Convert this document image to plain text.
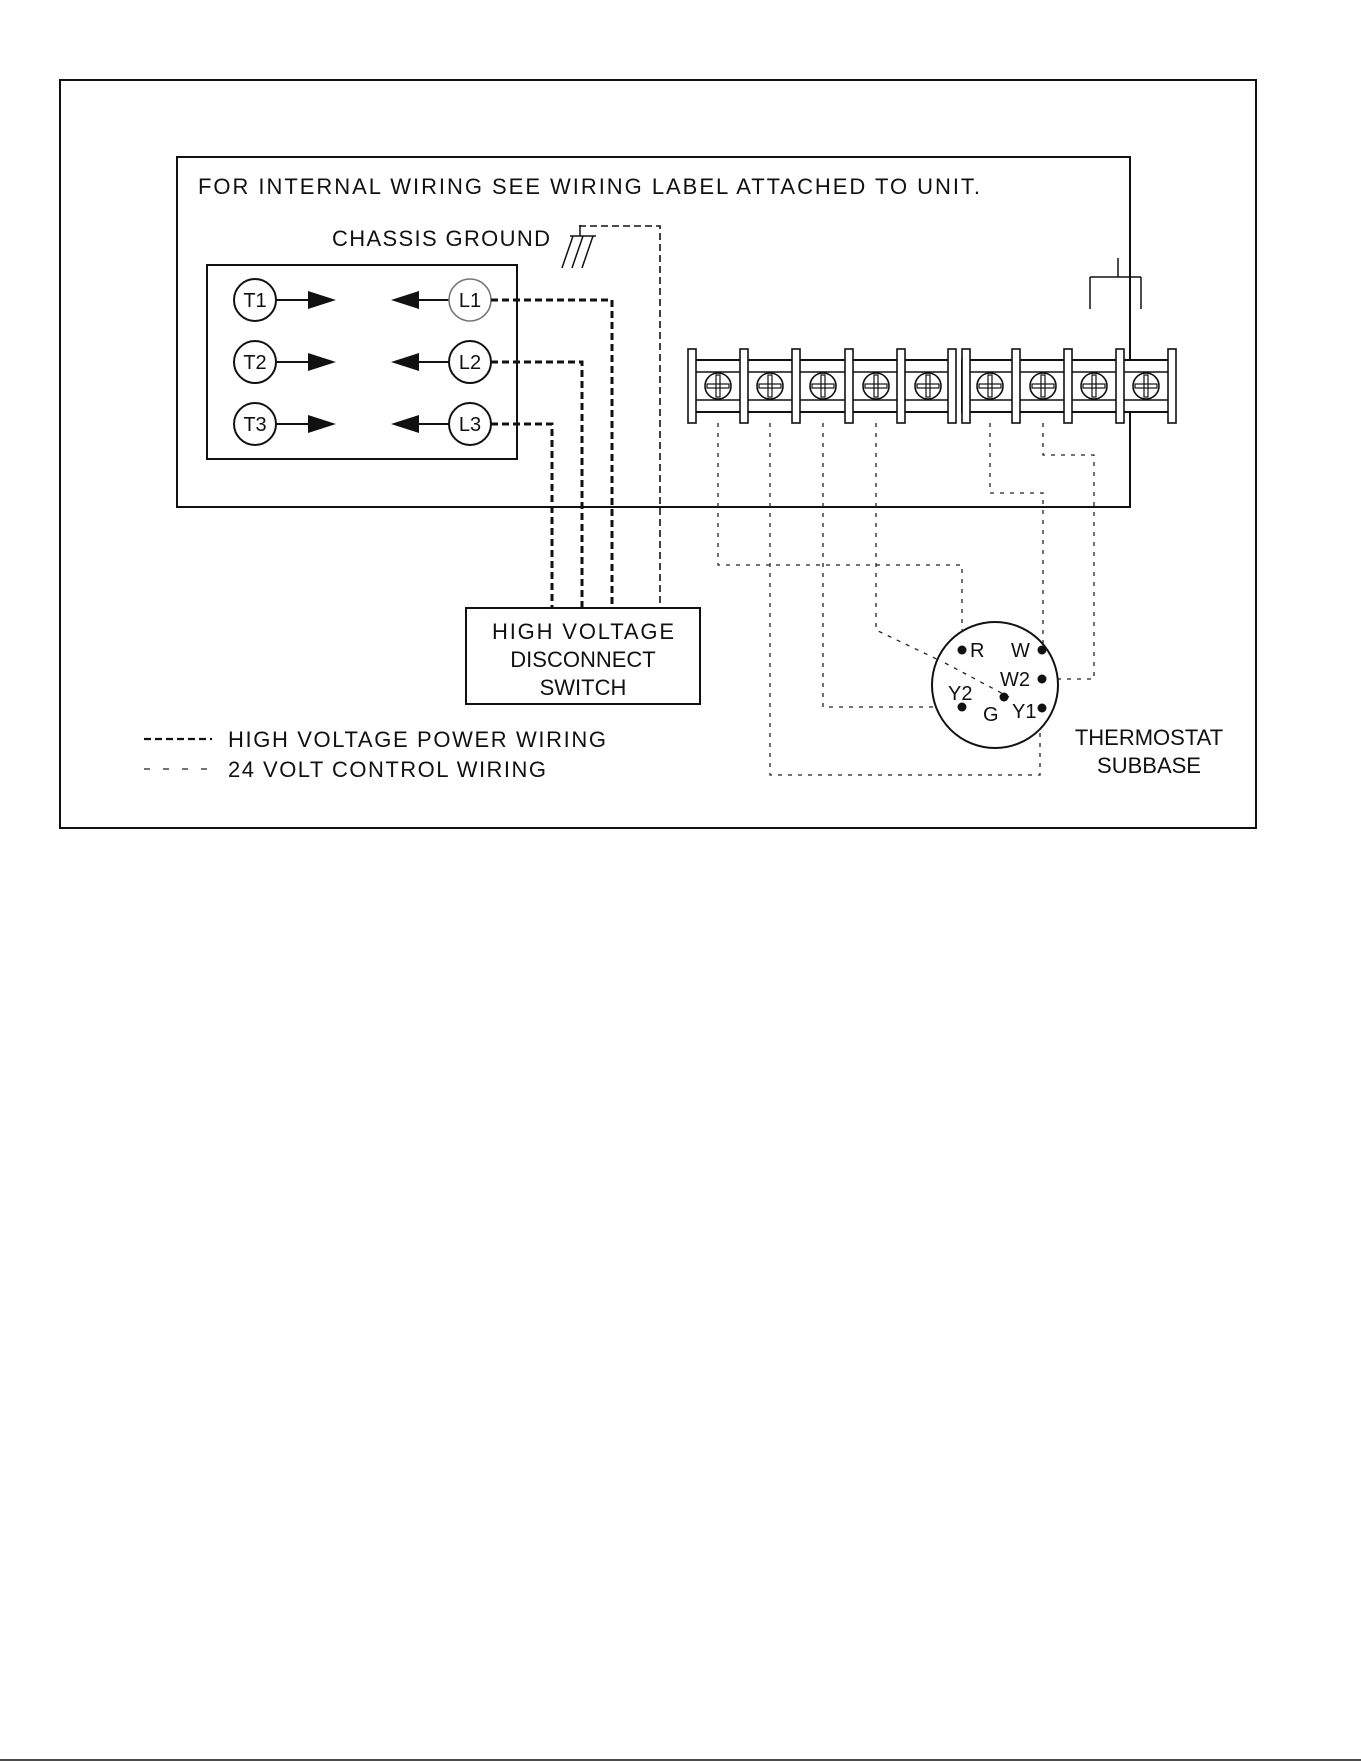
FOR INTERNAL WIRING SEE WIRING LABEL ATTACHED TO UNIT.
CHASSIS GROUND
T1	L1
T2	L2
T3	L3
HIGH VOLTAGE
DISCONNECT
SWITCH
HIGH VOLTAGE POWER WIRING
24 VOLT CONTROL WIRING
R W
W2
Y2
G Y1
THERMOSTAT
SUBBASE
